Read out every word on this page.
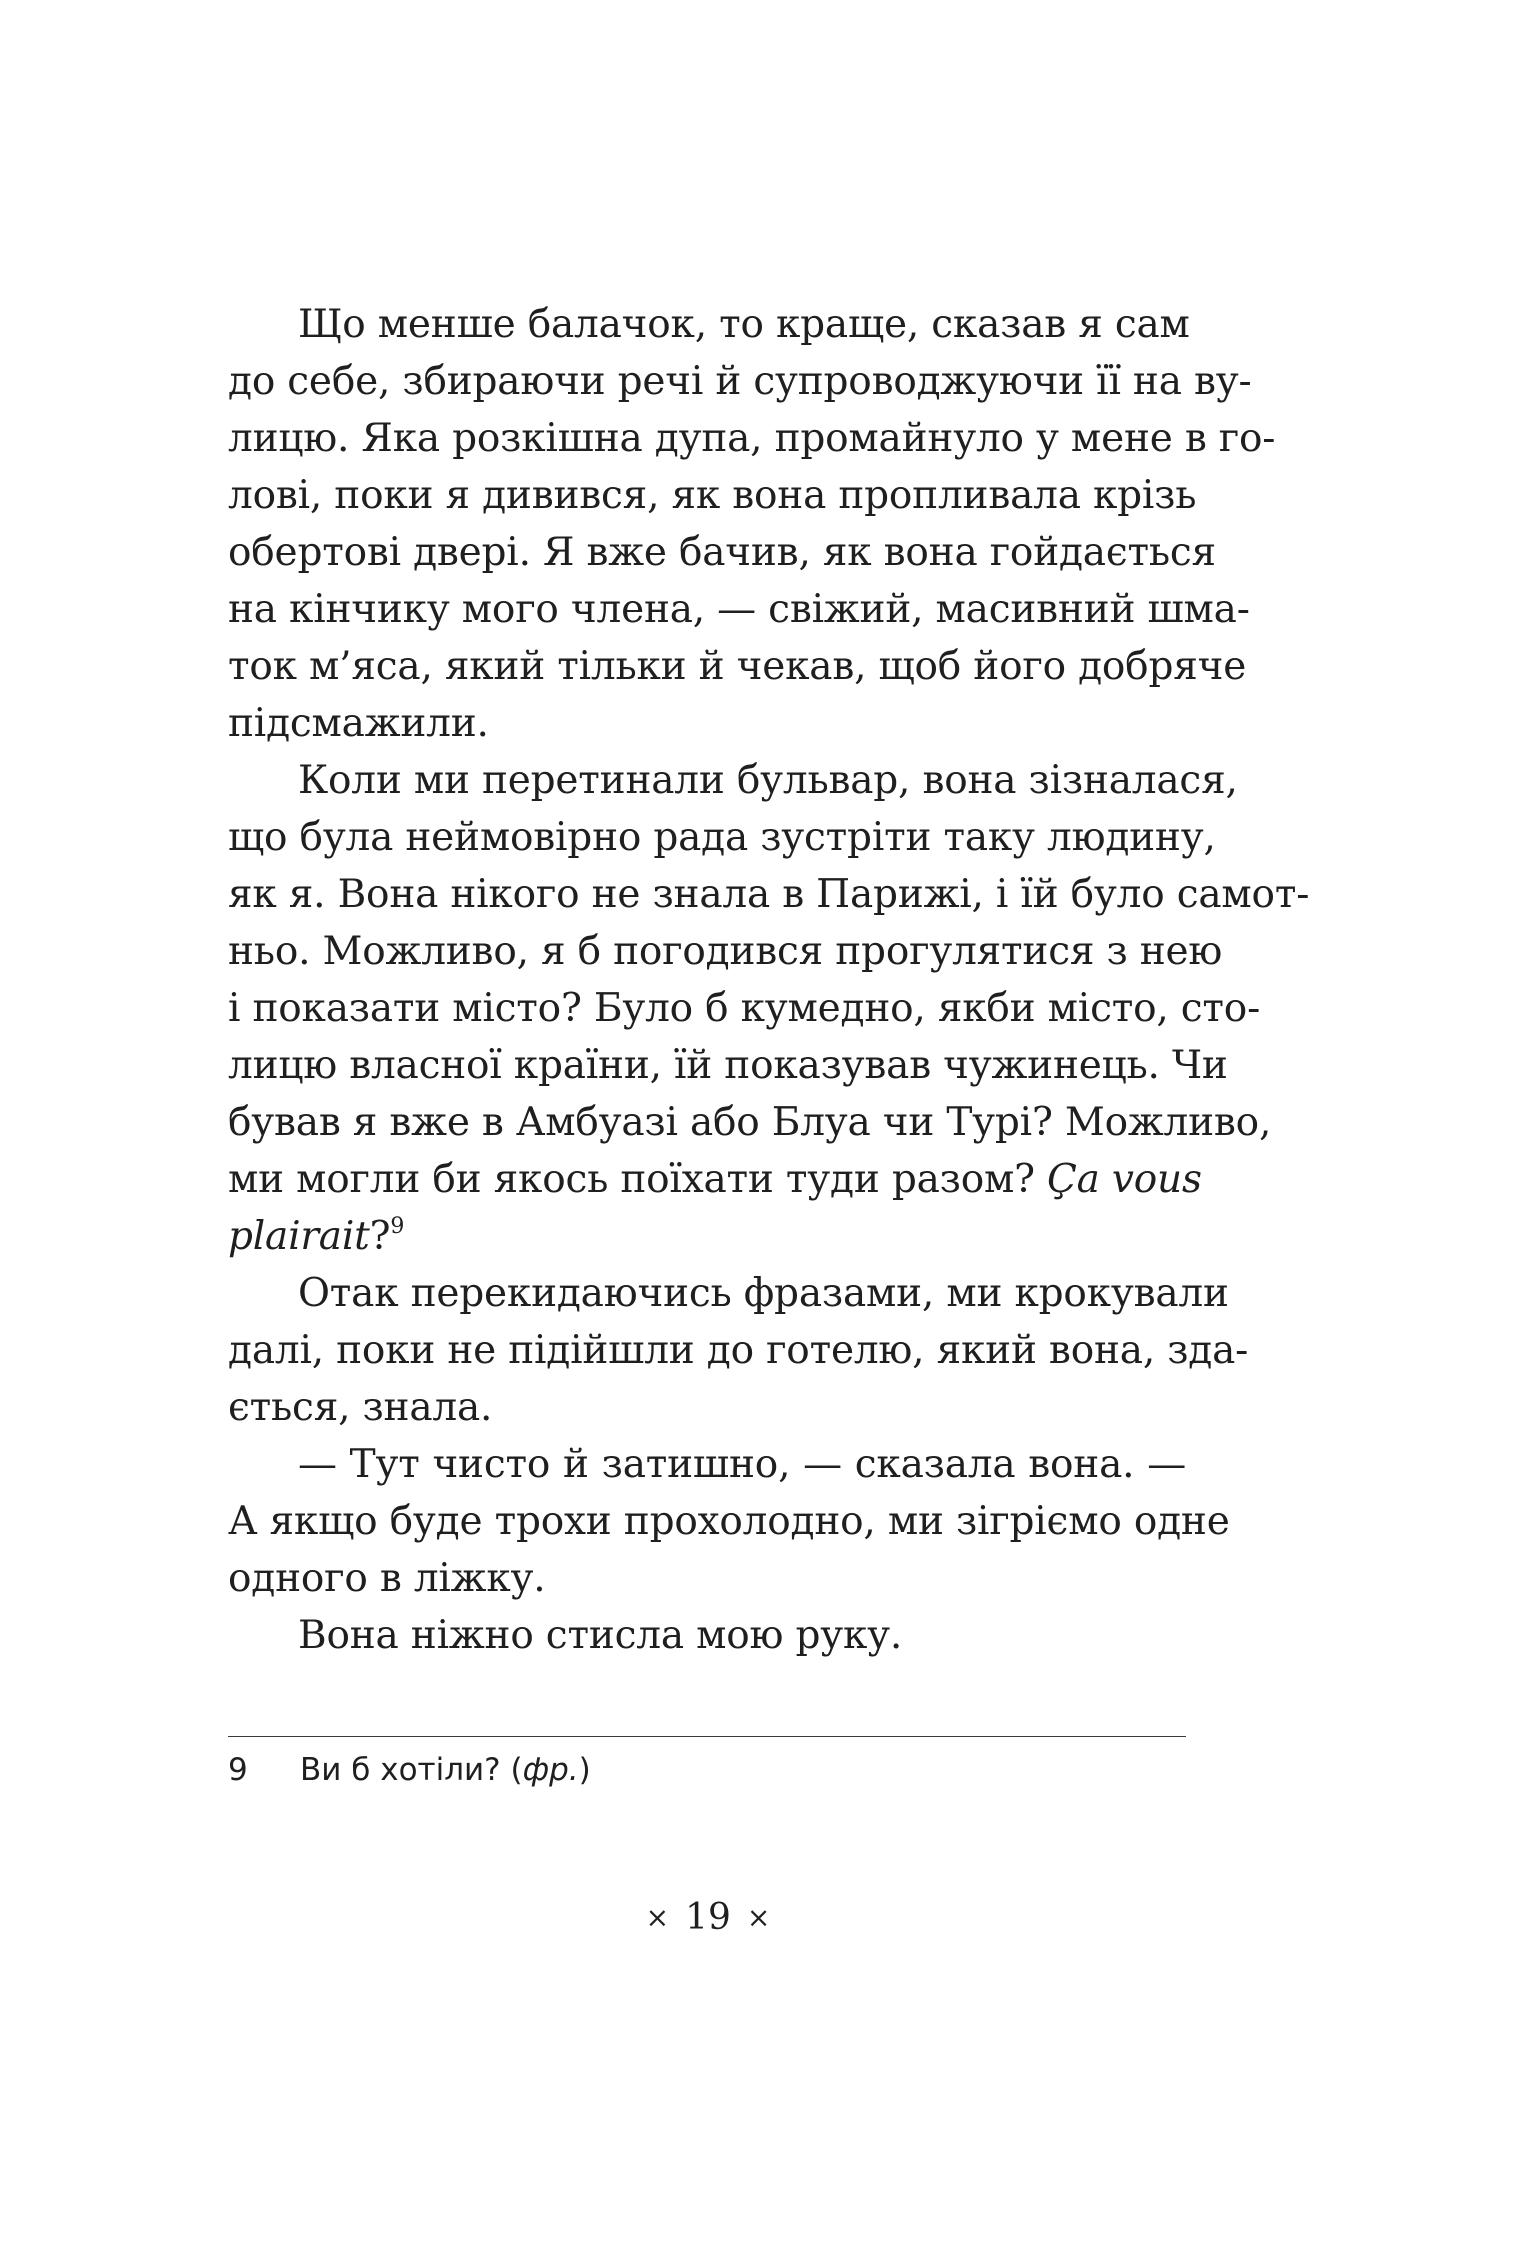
Що менше балачок, то краще, сказав я сам
до себе, збираючи речі й супроводжуючи її на ву-
лицю. Яка розкішна дупа, промайнуло у мене в го-
лові, поки я дивився, як вона пропливала крізь
обертові двері. Я вже бачив, як вона гойдається
на кінчику мого члена, — свіжий, масивний шма-
ток м’яса, який тільки й чекав, щоб його добряче
підсмажили.
Коли ми перетинали бульвар, вона зізналася,
що була неймовірно рада зустріти таку людину,
як я. Вона нікого не знала в Парижі, і їй було самот-
ньо. Можливо, я б погодився прогулятися з нею
і показати місто? Було б кумедно, якби місто, сто-
лицю власної країни, їй показував чужинець. Чи
бував я вже в Амбуазі або Блуа чи Турі? Можливо,
ми могли би якось поїхати туди разом? Ça vous
plairait?$^9$
Отак перекидаючись фразами, ми крокували
далі, поки не підійшли до готелю, який вона, зда-
ється, знала.
— Тут чисто й затишно, — сказала вона. —
А якщо буде трохи прохолодно, ми зігріємо одне
одного в ліжку.
Вона ніжно стисла мою руку.
9 Ви б хотіли? (фр.)
× 19 ×
